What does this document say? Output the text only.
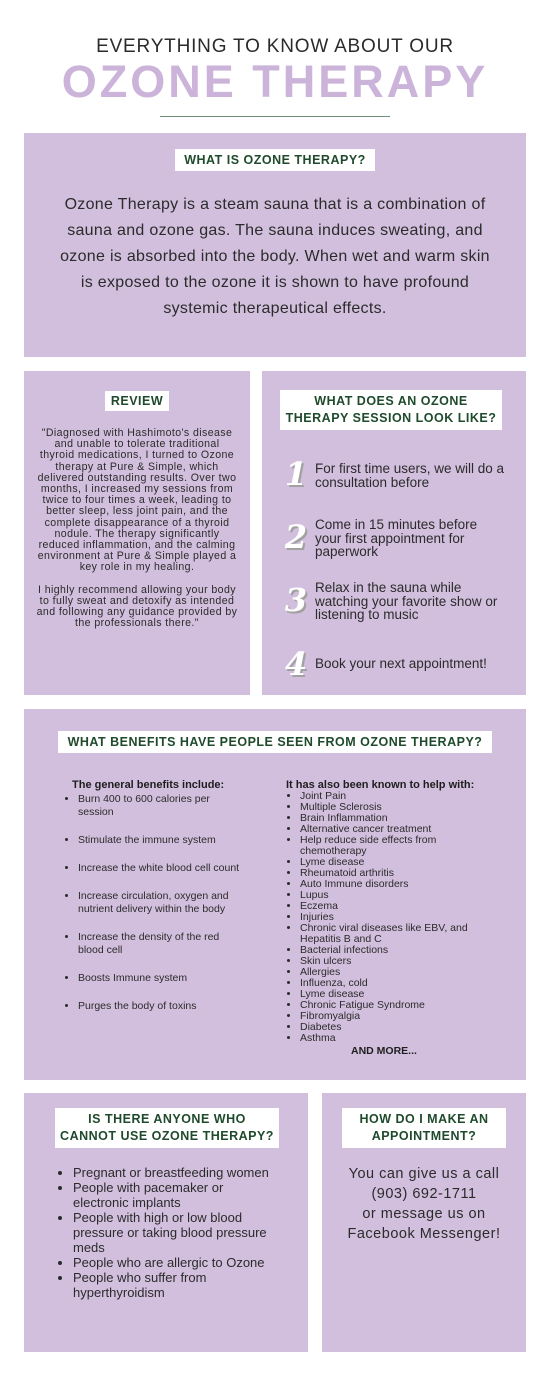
EVERYTHING TO KNOW ABOUT OUR
OZONE THERAPY
WHAT IS OZONE THERAPY?
Ozone Therapy is a steam sauna that is a combination of sauna and ozone gas. The sauna induces sweating, and ozone is absorbed into the body. When wet and warm skin is exposed to the ozone it is shown to have profound systemic therapeutical effects.
REVIEW

"Diagnosed with Hashimoto's disease and unable to tolerate traditional thyroid medications, I turned to Ozone therapy at Pure & Simple, which delivered outstanding results. Over two months, I increased my sessions from twice to four times a week, leading to better sleep, less joint pain, and the complete disappearance of a thyroid nodule. The therapy significantly reduced inflammation, and the calming environment at Pure & Simple played a key role in my healing.

I highly recommend allowing your body to fully sweat and detoxify as intended and following any guidance provided by the professionals there."

WHAT DOES AN OZONE
THERAPY SESSION LOOK LIKE?
1 For first time users, we will do a consultation before
2 Come in 15 minutes before your first appointment for paperwork
3 Relax in the sauna while watching your favorite show or listening to music
4 Book your next appointment!
WHAT BENEFITS HAVE PEOPLE SEEN FROM OZONE THERAPY?
The general benefits include:
• Burn 400 to 600 calories per session
• Stimulate the immune system
• Increase the white blood cell count
• Increase circulation, oxygen and nutrient delivery within the body
• Increase the density of the red blood cell
• Boosts Immune system
• Purges the body of toxins
It has also been known to help with:
• Joint Pain
• Multiple Sclerosis
• Brain Inflammation
• Alternative cancer treatment
• Help reduce side effects from chemotherapy
• Lyme disease
• Rheumatoid arthritis
• Auto Immune disorders
• Lupus
• Eczema
• Injuries
• Chronic viral diseases like EBV, and Hepatitis B and C
• Bacterial infections
• Skin ulcers
• Allergies
• Influenza, cold
• Lyme disease
• Chronic Fatigue Syndrome
• Fibromyalgia
• Diabetes
• Asthma
AND MORE...
IS THERE ANYONE WHO
CANNOT USE OZONE THERAPY?
• Pregnant or breastfeeding women
• People with pacemaker or electronic implants
• People with high or low blood pressure or taking blood pressure meds
• People who are allergic to Ozone
• People who suffer from hyperthyroidism
HOW DO I MAKE AN
APPOINTMENT?
You can give us a call
(903) 692-1711
or message us on
Facebook Messenger!
